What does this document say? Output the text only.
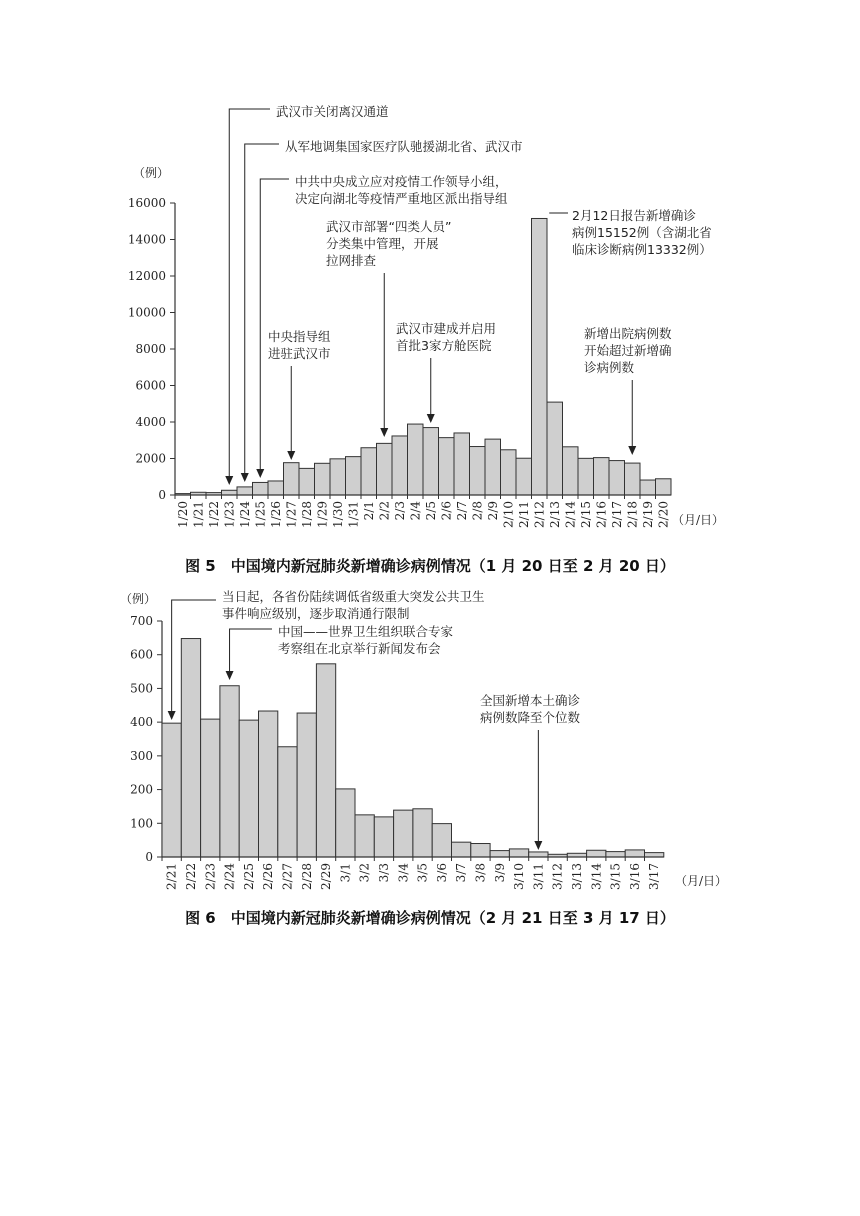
0
2000
4000
6000
8000
10000
12000
14000
16000
（例）
1/20 1/21 1/22 1/23 1/24 1/25 1/26 1/27 1/28 1/29 1/30 1/31 2/1 2/2 2/3 2/4 2/5 2/6 2/7 2/8 2/9 2/10 2/11 2/12 2/13 2/14 2/15 2/16 2/17 2/18 2/19 2/20 （月/日）
武汉市关闭离汉通道
从军地调集国家医疗队驰援湖北省、武汉市
中共中央成立应对疫情工作领导小组，
决定向湖北等疫情严重地区派出指导组
中央指导组
进驻武汉市
武汉市部署“四类人员”
分类集中管理，开展
拉网排查
武汉市建成并启用
首批3家方舱医院
2月12日报告新增确诊
病例15152例（含湖北省
临床诊断病例13332例）
新增出院病例数
开始超过新增确
诊病例数
图 5　中国境内新冠肺炎新增确诊病例情况（1 月 20 日至 2 月 20 日）
0
100
200
300
400
500
600
700
（例）
2/21 2/22 2/23 2/24 2/25 2/26 2/27 2/28 2/29 3/1 3/2 3/3 3/4 3/5 3/6 3/7 3/8 3/9 3/10 3/11 3/12 3/13 3/14 3/15 3/16 3/17 （月/日）
当日起，各省份陆续调低省级重大突发公共卫生
事件响应级别，逐步取消通行限制
中国——世界卫生组织联合专家
考察组在北京举行新闻发布会
全国新增本土确诊
病例数降至个位数
图 6　中国境内新冠肺炎新增确诊病例情况（2 月 21 日至 3 月 17 日）
